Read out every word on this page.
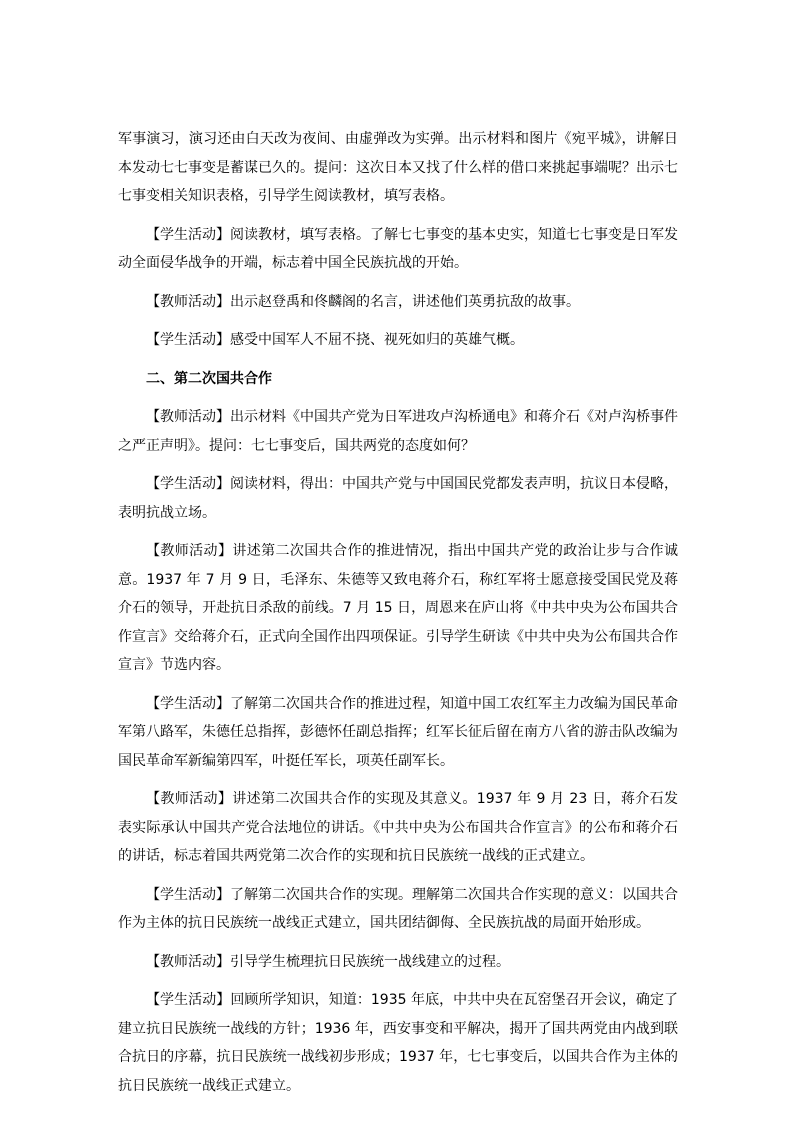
军事演习，演习还由白天改为夜间、由虚弹改为实弹。出示材料和图片《宛平城》，讲解日本发动七七事变是蓄谋已久的。提问：这次日本又找了什么样的借口来挑起事端呢？出示七七事变相关知识表格，引导学生阅读教材，填写表格。

【学生活动】阅读教材，填写表格。了解七七事变的基本史实，知道七七事变是日军发动全面侵华战争的开端，标志着中国全民族抗战的开始。

【教师活动】出示赵登禹和佟麟阁的名言，讲述他们英勇抗敌的故事。

【学生活动】感受中国军人不屈不挠、视死如归的英雄气概。

二、第二次国共合作

【教师活动】出示材料《中国共产党为日军进攻卢沟桥通电》和蒋介石《对卢沟桥事件之严正声明》。提问：七七事变后，国共两党的态度如何？

【学生活动】阅读材料，得出：中国共产党与中国国民党都发表声明，抗议日本侵略，表明抗战立场。

【教师活动】讲述第二次国共合作的推进情况，指出中国共产党的政治让步与合作诚意。1937 年 7 月 9 日，毛泽东、朱德等又致电蒋介石，称红军将士愿意接受国民党及蒋介石的领导，开赴抗日杀敌的前线。7 月 15 日，周恩来在庐山将《中共中央为公布国共合作宣言》交给蒋介石，正式向全国作出四项保证。引导学生研读《中共中央为公布国共合作宣言》节选内容。

【学生活动】了解第二次国共合作的推进过程，知道中国工农红军主力改编为国民革命军第八路军，朱德任总指挥，彭德怀任副总指挥；红军长征后留在南方八省的游击队改编为国民革命军新编第四军，叶挺任军长，项英任副军长。

【教师活动】讲述第二次国共合作的实现及其意义。1937 年 9 月 23 日，蒋介石发表实际承认中国共产党合法地位的讲话。《中共中央为公布国共合作宣言》的公布和蒋介石的讲话，标志着国共两党第二次合作的实现和抗日民族统一战线的正式建立。

【学生活动】了解第二次国共合作的实现。理解第二次国共合作实现的意义：以国共合作为主体的抗日民族统一战线正式建立，国共团结御侮、全民族抗战的局面开始形成。

【教师活动】引导学生梳理抗日民族统一战线建立的过程。

【学生活动】回顾所学知识，知道：1935 年底，中共中央在瓦窑堡召开会议，确定了建立抗日民族统一战线的方针；1936 年，西安事变和平解决，揭开了国共两党由内战到联合抗日的序幕，抗日民族统一战线初步形成；1937 年，七七事变后，以国共合作为主体的抗日民族统一战线正式建立。
